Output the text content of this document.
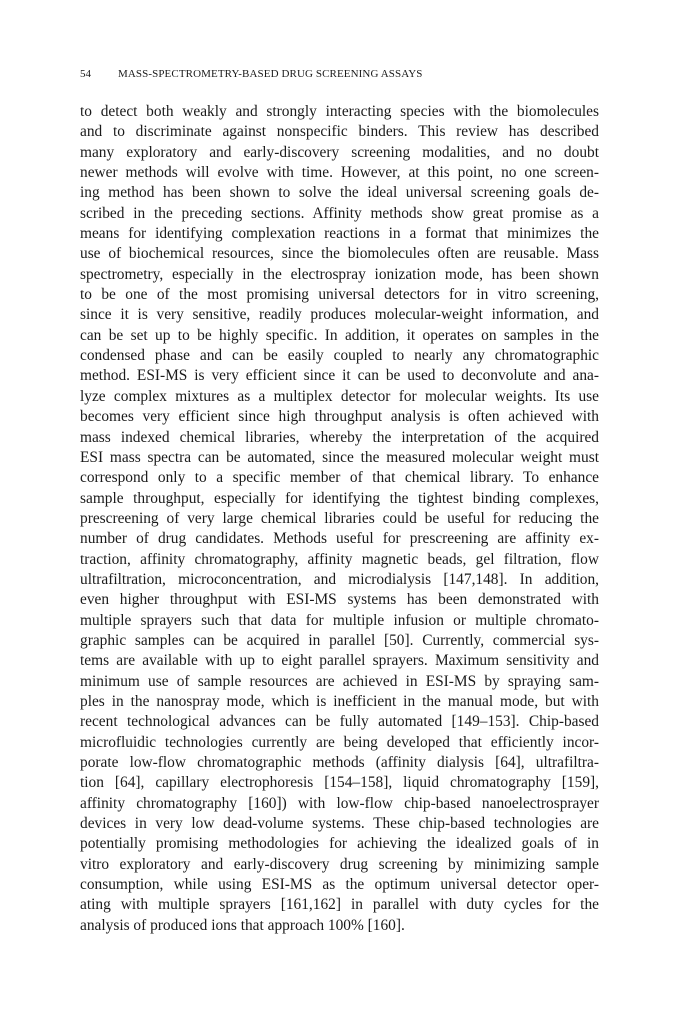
54 MASS-SPECTROMETRY-BASED DRUG SCREENING ASSAYS
to detect both weakly and strongly interacting species with the biomolecules
and to discriminate against nonspecific binders. This review has described
many exploratory and early-discovery screening modalities, and no doubt
newer methods will evolve with time. However, at this point, no one screen-
ing method has been shown to solve the ideal universal screening goals de-
scribed in the preceding sections. Affinity methods show great promise as a
means for identifying complexation reactions in a format that minimizes the
use of biochemical resources, since the biomolecules often are reusable. Mass
spectrometry, especially in the electrospray ionization mode, has been shown
to be one of the most promising universal detectors for in vitro screening,
since it is very sensitive, readily produces molecular-weight information, and
can be set up to be highly specific. In addition, it operates on samples in the
condensed phase and can be easily coupled to nearly any chromatographic
method. ESI-MS is very efficient since it can be used to deconvolute and ana-
lyze complex mixtures as a multiplex detector for molecular weights. Its use
becomes very efficient since high throughput analysis is often achieved with
mass indexed chemical libraries, whereby the interpretation of the acquired
ESI mass spectra can be automated, since the measured molecular weight must
correspond only to a specific member of that chemical library. To enhance
sample throughput, especially for identifying the tightest binding complexes,
prescreening of very large chemical libraries could be useful for reducing the
number of drug candidates. Methods useful for prescreening are affinity ex-
traction, affinity chromatography, affinity magnetic beads, gel filtration, flow
ultrafiltration, microconcentration, and microdialysis [147,148]. In addition,
even higher throughput with ESI-MS systems has been demonstrated with
multiple sprayers such that data for multiple infusion or multiple chromato-
graphic samples can be acquired in parallel [50]. Currently, commercial sys-
tems are available with up to eight parallel sprayers. Maximum sensitivity and
minimum use of sample resources are achieved in ESI-MS by spraying sam-
ples in the nanospray mode, which is inefficient in the manual mode, but with
recent technological advances can be fully automated [149–153]. Chip-based
microfluidic technologies currently are being developed that efficiently incor-
porate low-flow chromatographic methods (affinity dialysis [64], ultrafiltra-
tion [64], capillary electrophoresis [154–158], liquid chromatography [159],
affinity chromatography [160]) with low-flow chip-based nanoelectrosprayer
devices in very low dead-volume systems. These chip-based technologies are
potentially promising methodologies for achieving the idealized goals of in
vitro exploratory and early-discovery drug screening by minimizing sample
consumption, while using ESI-MS as the optimum universal detector oper-
ating with multiple sprayers [161,162] in parallel with duty cycles for the
analysis of produced ions that approach 100% [160].
